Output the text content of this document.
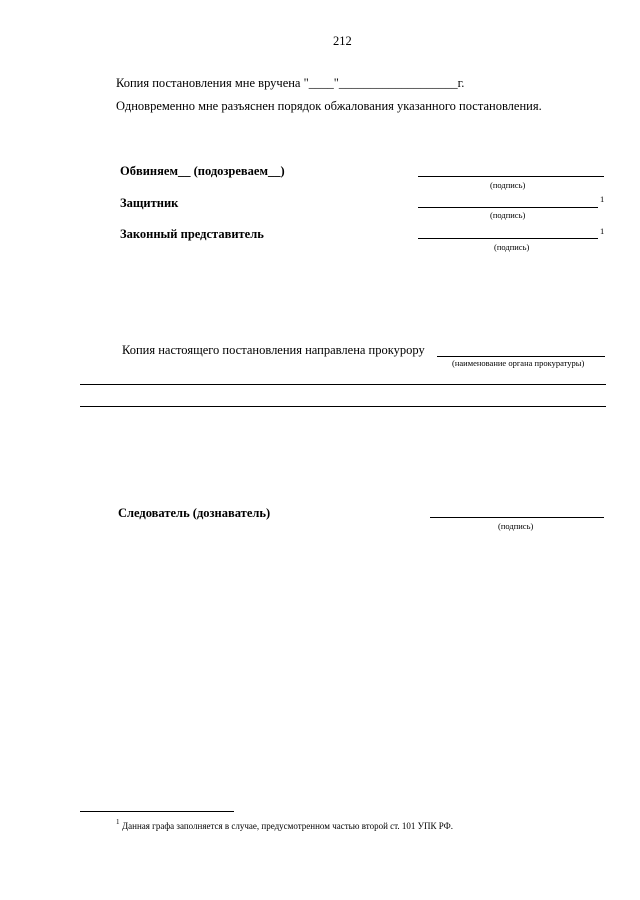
212
Копия постановления мне вручена "____"___________________г.
Одновременно мне разъяснен порядок обжалования указанного постановления.
Обвиняем__ (подозреваем__)
(подпись)
Защитник	1
(подпись)
Законный представитель	1
(подпись)
Копия настоящего постановления направлена прокурору
(наименование органа прокуратуры)
Следователь (дознаватель)
(подпись)
1 Данная графа заполняется в случае, предусмотренном частью второй ст. 101 УПК РФ.
